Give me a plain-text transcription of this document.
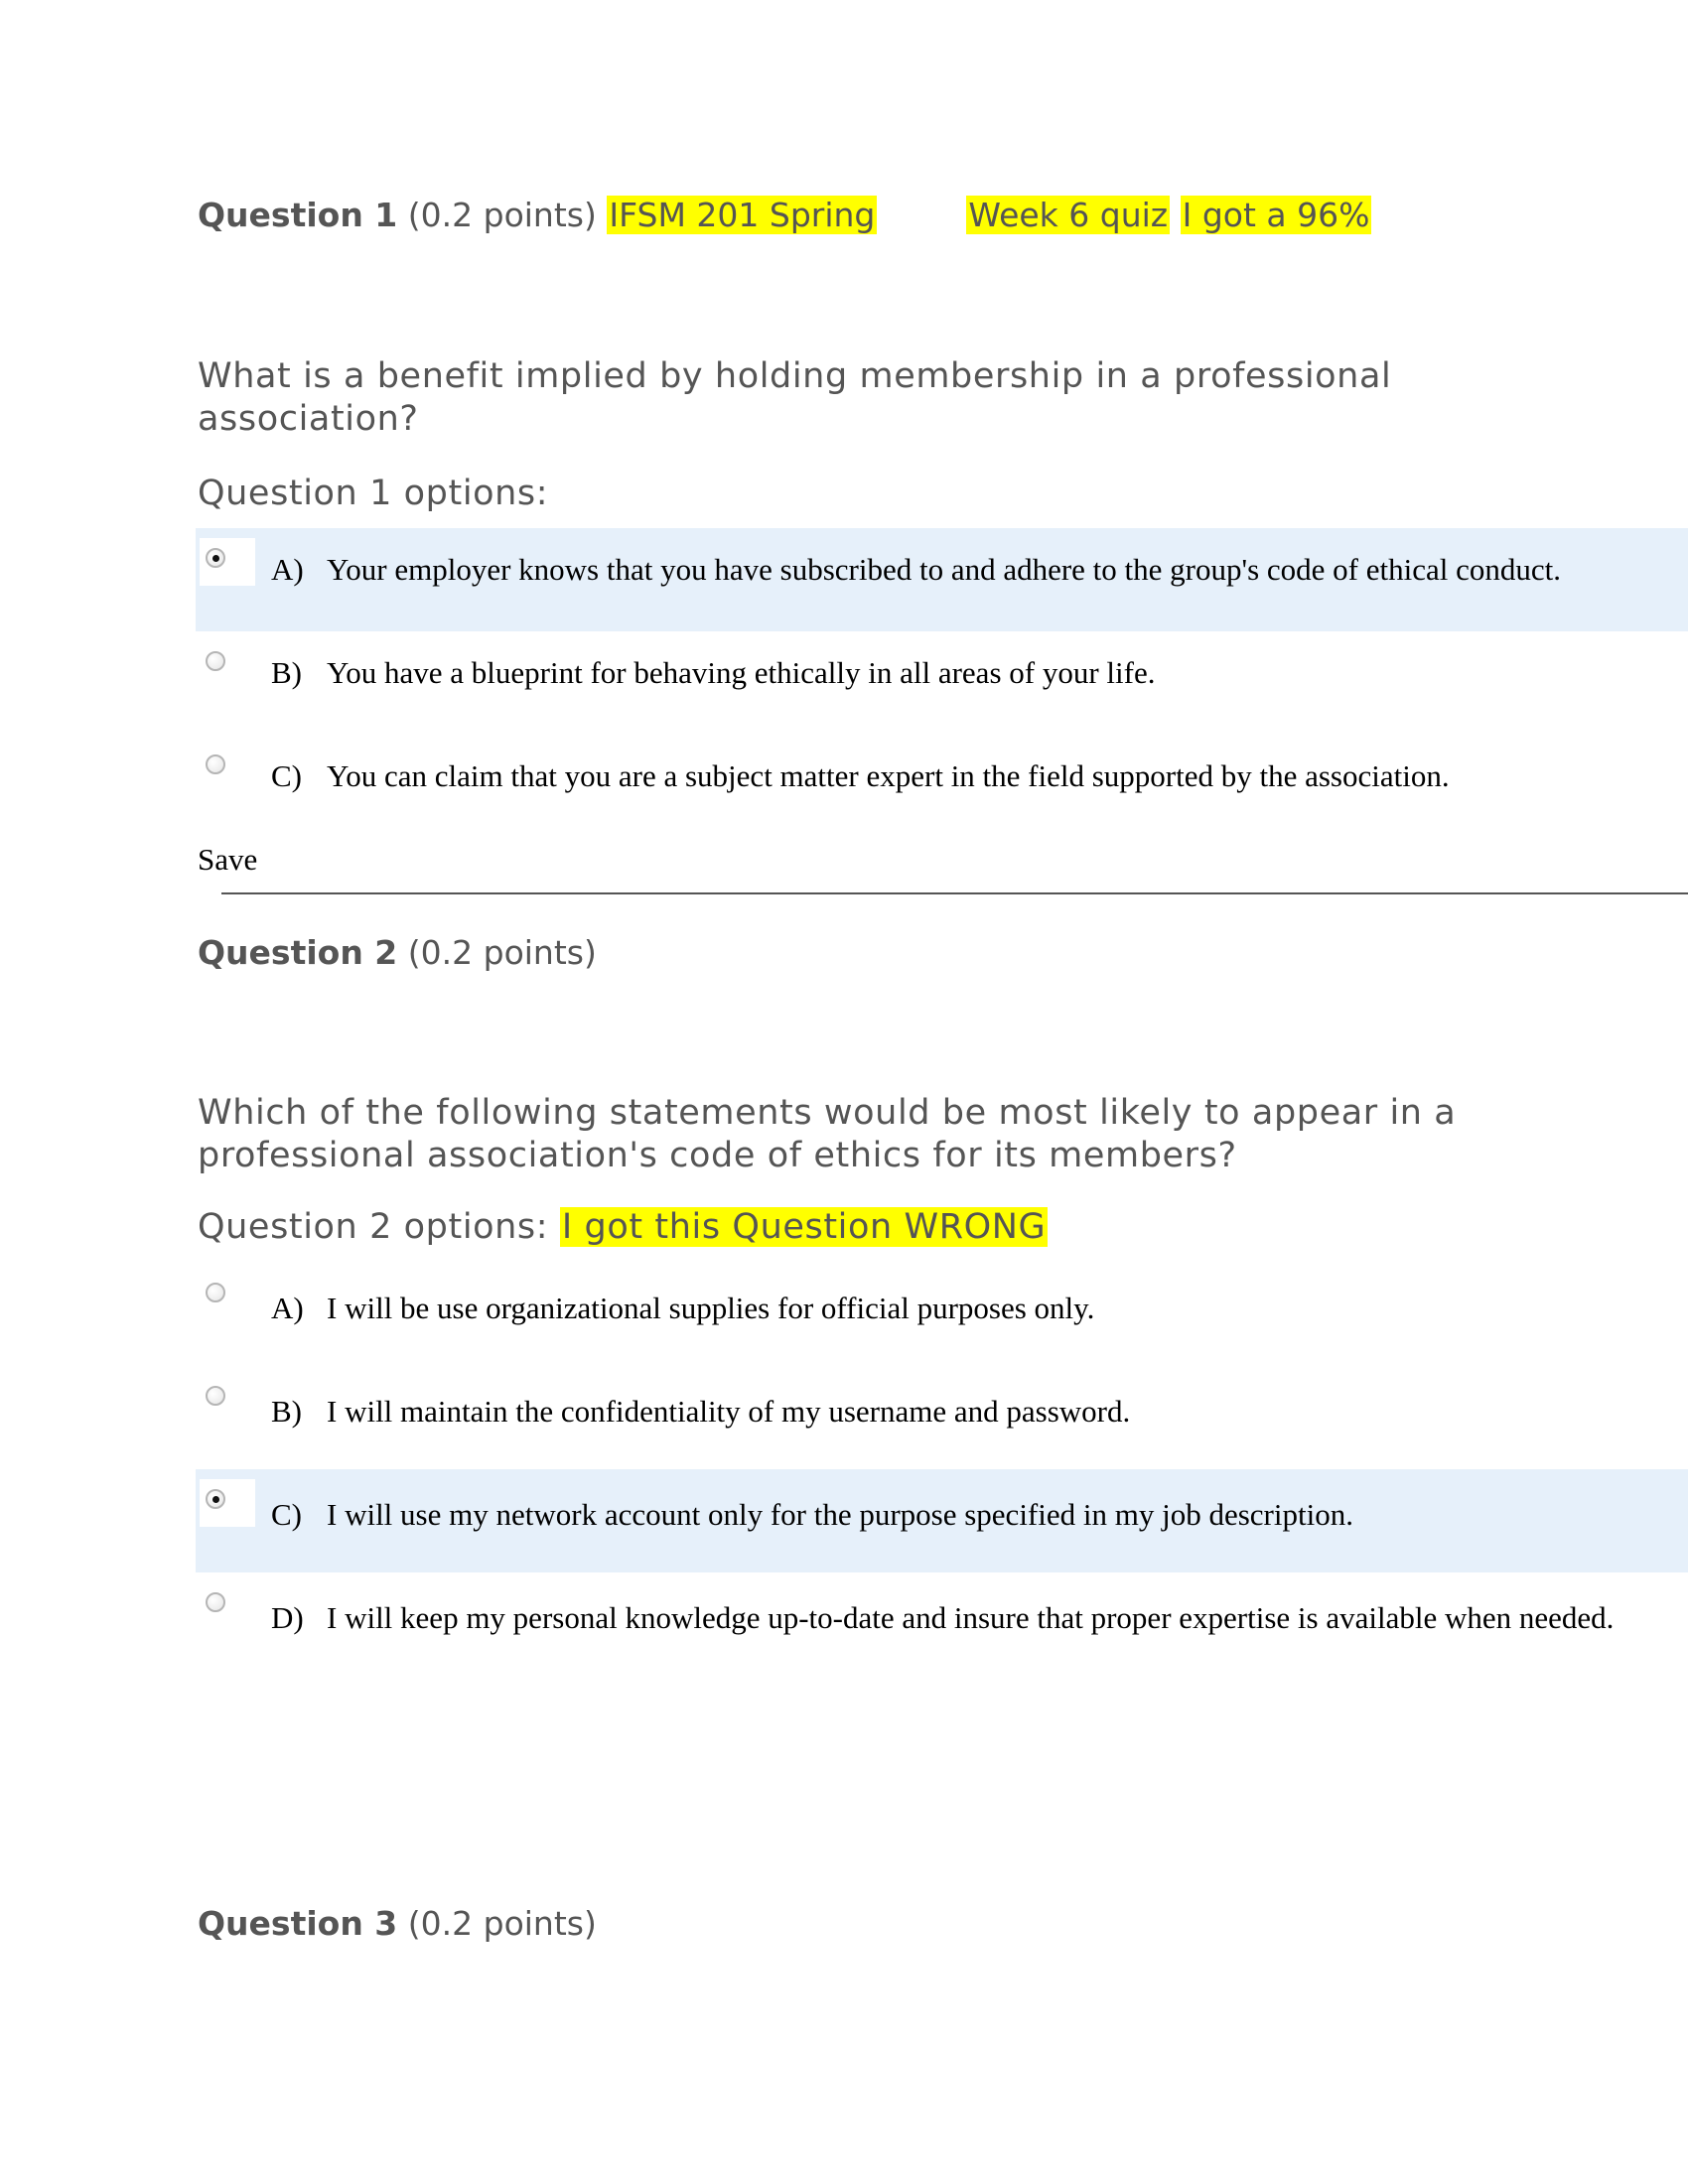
Question 1 (0.2 points) IFSM 201 Spring	Week 6 quiz I got a 96%
What is a benefit implied by holding membership in a professional association?
Question 1 options:
A) Your employer knows that you have subscribed to and adhere to the group's code of ethical conduct.
B) You have a blueprint for behaving ethically in all areas of your life.
C) You can claim that you are a subject matter expert in the field supported by the association.
Save
Question 2 (0.2 points)
Which of the following statements would be most likely to appear in a professional association's code of ethics for its members?
Question 2 options: I got this Question WRONG
A) I will be use organizational supplies for official purposes only.
B) I will maintain the confidentiality of my username and password.
C) I will use my network account only for the purpose specified in my job description.
D) I will keep my personal knowledge up-to-date and insure that proper expertise is available when needed.
Question 3 (0.2 points)
